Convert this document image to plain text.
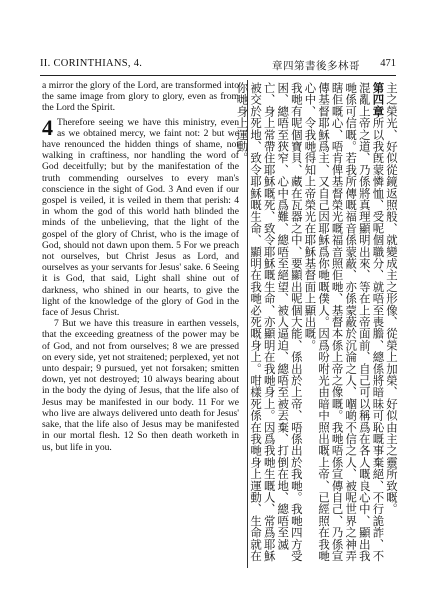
II. CORINTHIANS, 4.	章四第書後多林哥 471

a mirror the glory of the Lord, are transformed into the same image from glory to glory, even as from the Lord the Spirit.

4 Therefore seeing we have this ministry, even as we obtained mercy, we faint not: 2 but we have renounced the hidden things of shame, not walking in craftiness, nor handling the word of God deceitfully; but by the manifestation of the truth commending ourselves to every man's conscience in the sight of God. 3 And even if our gospel is veiled, it is veiled in them that perish: 4 in whom the god of this world hath blinded the minds of the unbelieving, that the light of the gospel of the glory of Christ, who is the image of God, should not dawn upon them. 5 For we preach not ourselves, but Christ Jesus as Lord, and ourselves as your servants for Jesus' sake. 6 Seeing it is God, that said, Light shall shine out of darkness, who shined in our hearts, to give the light of the knowledge of the glory of God in the face of Jesus Christ.

7 But we have this treasure in earthen vessels, that the exceeding greatness of the power may be of God, and not from ourselves; 8 we are pressed on every side, yet not straitened; perplexed, yet not unto despair; 9 pursued, yet not forsaken; smitten down, yet not destroyed; 10 always bearing about in the body the dying of Jesus, that the life also of Jesus may be manifested in our body. 11 For we who live are always delivered unto death for Jesus' sake, that the life also of Jesus may be manifested in our mortal flesh. 12 So then death worketh in us, but life in you.	主之榮光、好似從鏡返照般、就變成主之形像、從榮上加榮、好似由主之靈所致嘅。

第四章所以我旣蒙憐恤、受呢個職分、就唔至喪膽、總係將暗昧可恥嘅事棄絕、不行詭詐、不混亂上帝之道、乃係將真理顯明出來、等在上帝面前、自己可以稱爲在各人嘅良心中、顯出我哋係可信嘅。若我所傳嘅福音係蒙蔽、亦係蒙蔽於沉淪之人、嗰啲不信之人、被呢世界之神弄瞎佢嘅心、唔肯俾基督榮光嘅福音照佢哋、基督本係上帝之像嘅。我哋唔係宣傳自己、乃係宣傳基督耶穌爲主、又自己因耶穌爲你哋嘅僕人。因爲吩咐光由暗中照出嘅上帝、已經照在我哋心中、令我哋得知上帝榮光在耶穌基督面上顯出嘅。

我哋有呢個寶貝、藏在瓦器之中、要顯出呢個大能、係出於上帝、唔係出於我哋。我哋四方受困、總唔至狹窄、心中爲難、總唔至絕望、被人逼迫、總唔至被丟棄、打倒在地、總唔至滅亡、身上常帶住耶穌嘅死、致令耶穌嘅生命、亦顯明在我哋身上。因爲我哋生嘅人、常爲耶穌被交於死地、致令耶穌嘅生命、顯明在我哋必死嘅身上。咁樣死係在我哋身上運動、生命就在你哋身上運動。
